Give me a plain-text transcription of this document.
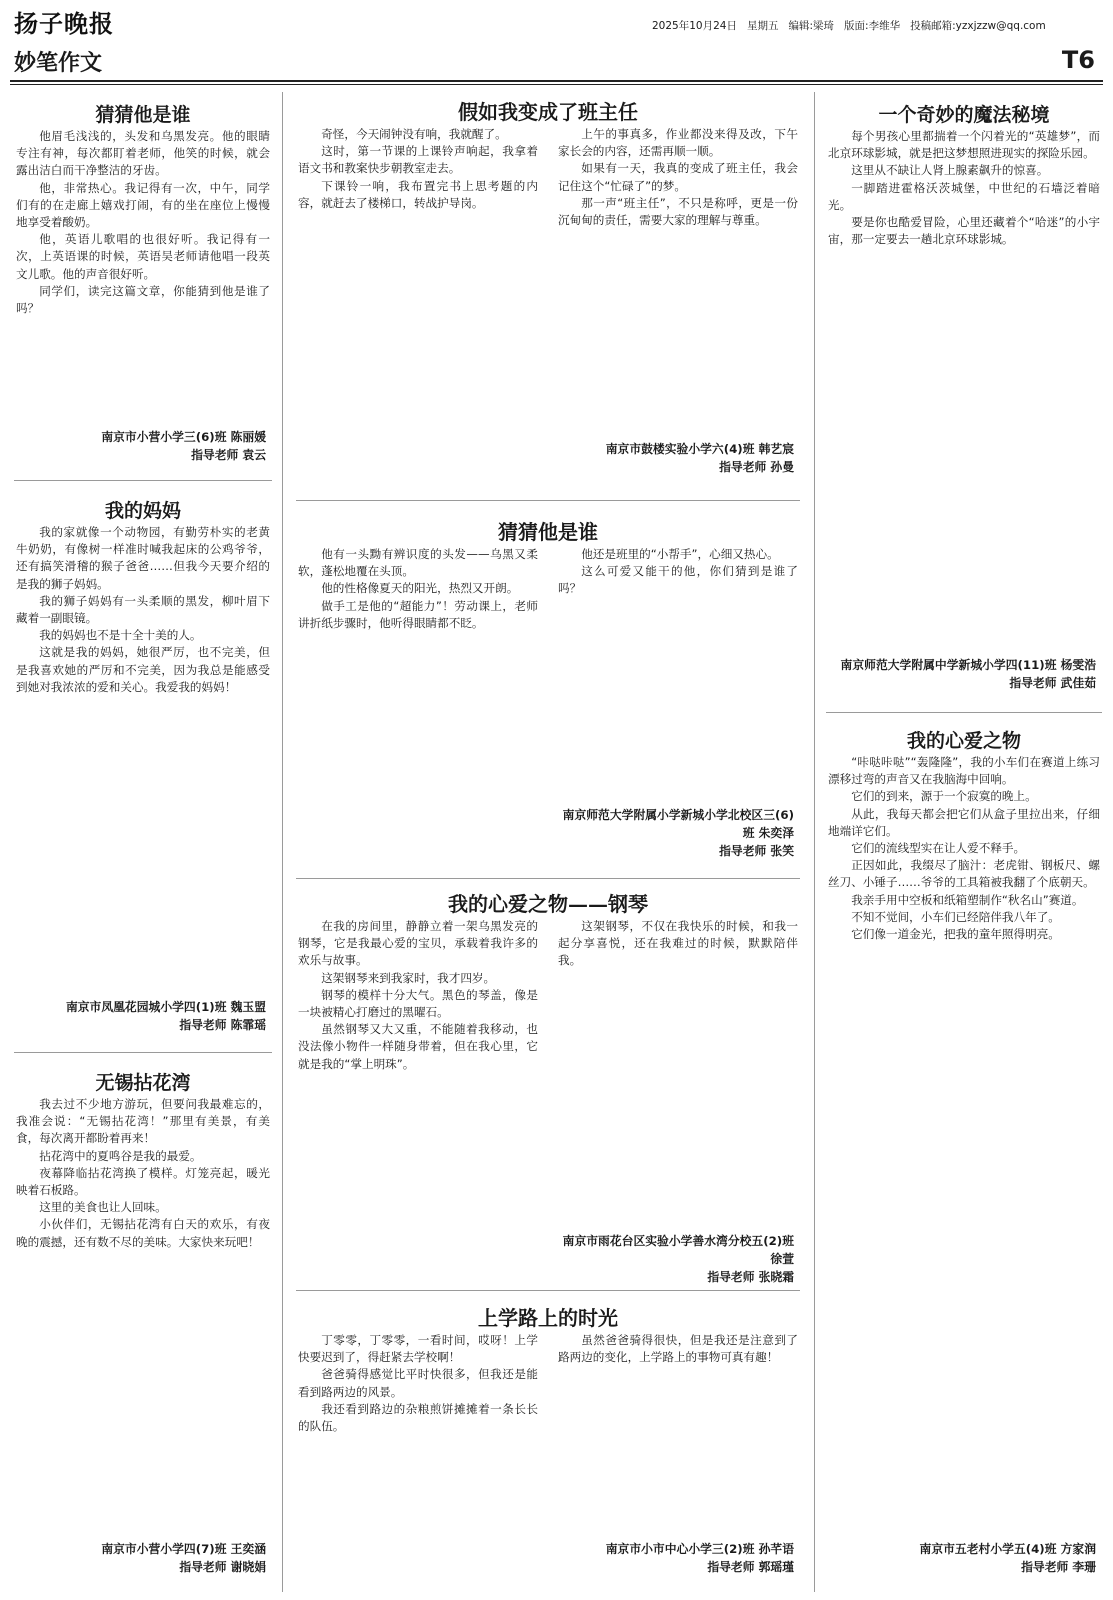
扬子晚报	2025年10月24日 星期五 编辑:梁琦 版面:李维华 投稿邮箱:yzxjzzw@qq.com
妙笔作文	T6
猜猜他是谁

他眉毛浅浅的，头发和乌黑发亮。他的眼睛专注有神，每次都盯着老师，他笑的时候，就会露出洁白而干净整洁的牙齿。

他，非常热心。我记得有一次，中午，同学们有的在走廊上嬉戏打闹，有的坐在座位上慢慢地享受着酸奶。

他，英语儿歌唱的也很好听。我记得有一次，上英语课的时候，英语吴老师请他唱一段英文儿歌。他的声音很好听。

同学们，读完这篇文章，你能猜到他是谁了吗？

南京市小营小学三(6)班 陈丽媛
指导老师 袁云
我的妈妈

我的家就像一个动物园，有勤劳朴实的老黄牛奶奶，有像树一样准时喊我起床的公鸡爷爷，还有搞笑滑稽的猴子爸爸……但我今天要介绍的是我的狮子妈妈。

我的狮子妈妈有一头柔顺的黑发，柳叶眉下藏着一副眼镜。

我的妈妈也不是十全十美的人。

这就是我的妈妈，她很严厉，也不完美，但是我喜欢她的严厉和不完美，因为我总是能感受到她对我浓浓的爱和关心。我爱我的妈妈！

南京市凤凰花园城小学四(1)班 魏玉盟
指导老师 陈霏瑶
无锡拈花湾

我去过不少地方游玩，但要问我最难忘的，我准会说：“无锡拈花湾！”那里有美景，有美食，每次离开都盼着再来！

拈花湾中的夏鸣谷是我的最爱。

夜幕降临拈花湾换了模样。灯笼亮起，暖光映着石板路。

这里的美食也让人回味。

小伙伴们，无锡拈花湾有白天的欢乐，有夜晚的震撼，还有数不尽的美味。大家快来玩吧！

南京市小营小学四(7)班 王奕涵
指导老师 谢晓娟
假如我变成了班主任

奇怪，今天闹钟没有响，我就醒了。

这时，第一节课的上课铃声响起，我拿着语文书和教案快步朝教室走去。

下课铃一响，我布置完书上思考题的内容，就赶去了楼梯口，转战护导岗。

上午的事真多，作业都没来得及改，下午家长会的内容，还需再顺一顺。

如果有一天，我真的变成了班主任，我会记住这个“忙碌了”的梦。

那一声“班主任”，不只是称呼，更是一份沉甸甸的责任，需要大家的理解与尊重。

南京市鼓楼实验小学六(4)班 韩艺宸
指导老师 孙曼
猜猜他是谁

他有一头黝有辨识度的头发——乌黑又柔软，蓬松地覆在头顶。

他的性格像夏天的阳光，热烈又开朗。

做手工是他的“超能力”！劳动课上，老师讲折纸步骤时，他听得眼睛都不眨。

他还是班里的“小帮手”，心细又热心。

这么可爱又能干的他，你们猜到是谁了吗？

南京师范大学附属小学新城小学北校区三(6)班 朱奕泽
指导老师 张笑
我的心爱之物——钢琴

在我的房间里，静静立着一架乌黑发亮的钢琴，它是我最心爱的宝贝，承载着我许多的欢乐与故事。

这架钢琴来到我家时，我才四岁。

钢琴的模样十分大气。黑色的琴盖，像是一块被精心打磨过的黑曜石。

虽然钢琴又大又重，不能随着我移动，也没法像小物件一样随身带着，但在我心里，它就是我的“掌上明珠”。

这架钢琴，不仅在我快乐的时候，和我一起分享喜悦，还在我难过的时候，默默陪伴我。

南京市雨花台区实验小学善水湾分校五(2)班 徐萱
指导老师 张晓霜
上学路上的时光

丁零零，丁零零，一看时间，哎呀！上学快要迟到了，得赶紧去学校啊！

爸爸骑得感觉比平时快很多，但我还是能看到路两边的风景。

我还看到路边的杂粮煎饼摊摊着一条长长的队伍。

虽然爸爸骑得很快，但是我还是注意到了路两边的变化，上学路上的事物可真有趣！

南京市小市中心小学三(2)班 孙芊语
指导老师 郭瑶瑾
一个奇妙的魔法秘境

每个男孩心里都揣着一个闪着光的“英雄梦”，而北京环球影城，就是把这梦想照进现实的探险乐园。

这里从不缺让人肾上腺素飙升的惊喜。

一脚踏进霍格沃茨城堡，中世纪的石墙泛着暗光。

要是你也酷爱冒险，心里还藏着个“哈迷”的小宇宙，那一定要去一趟北京环球影城。

南京师范大学附属中学新城小学四(11)班 杨雯浩
指导老师 武佳茹
我的心爱之物

“咔哒咔哒”“轰隆隆”，我的小车们在赛道上练习漂移过弯的声音又在我脑海中回响。

它们的到来，源于一个寂寞的晚上。

从此，我每天都会把它们从盒子里拉出来，仔细地端详它们。

它们的流线型实在让人爱不释手。

正因如此，我缀尽了脑汁：老虎钳、钢板尺、螺丝刀、小锤子……爷爷的工具箱被我翻了个底朝天。

我亲手用中空板和纸箱塑制作“秋名山”赛道。

不知不觉间，小车们已经陪伴我八年了。

它们像一道金光，把我的童年照得明亮。

南京市五老村小学五(4)班 方家润
指导老师 李珊
